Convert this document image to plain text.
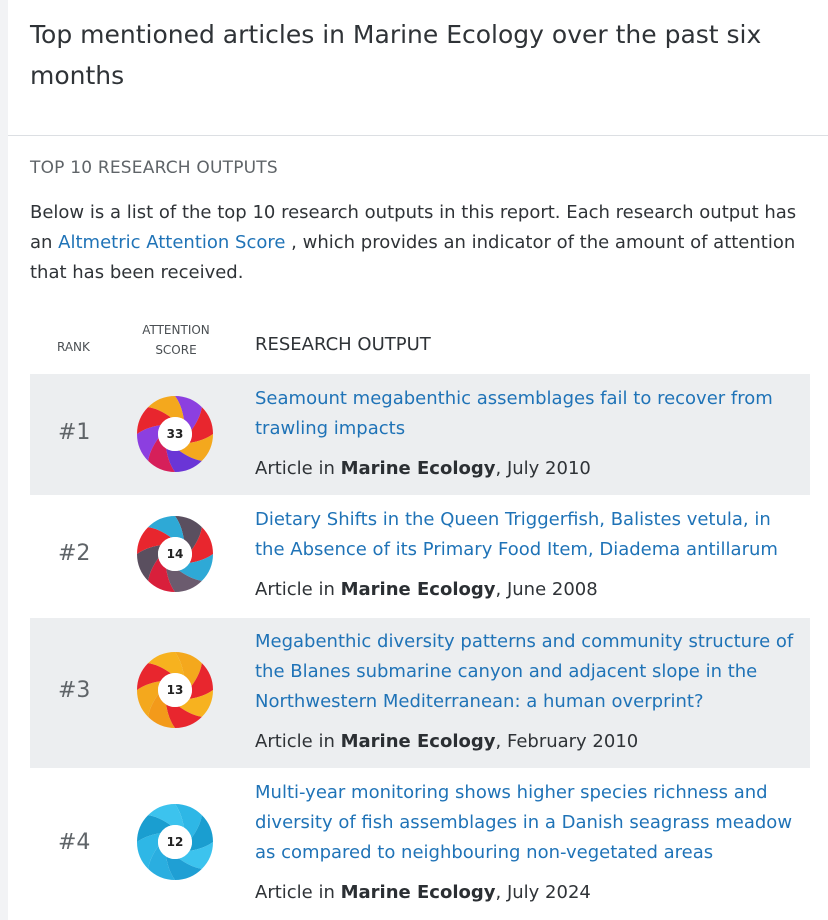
Top mentioned articles in Marine Ecology over the past six months
TOP 10 RESEARCH OUTPUTS
Below is a list of the top 10 research outputs in this report. Each research output has an Altmetric Attention Score , which provides an indicator of the amount of attention that has been received.
RANK
ATTENTION
SCORE	RESEARCH OUTPUT
#1	33
Seamount megabenthic assemblages fail to recover from trawling impacts
Article in Marine Ecology, July 2010
#2	14
Dietary Shifts in the Queen Triggerfish, Balistes vetula, in the Absence of its Primary Food Item, Diadema antillarum
Article in Marine Ecology, June 2008
#3	13
Megabenthic diversity patterns and community structure of the Blanes submarine canyon and adjacent slope in the Northwestern Mediterranean: a human overprint?
Article in Marine Ecology, February 2010
#4	12
Multi-year monitoring shows higher species richness and diversity of fish assemblages in a Danish seagrass meadow as compared to neighbouring non-vegetated areas
Article in Marine Ecology, July 2024
